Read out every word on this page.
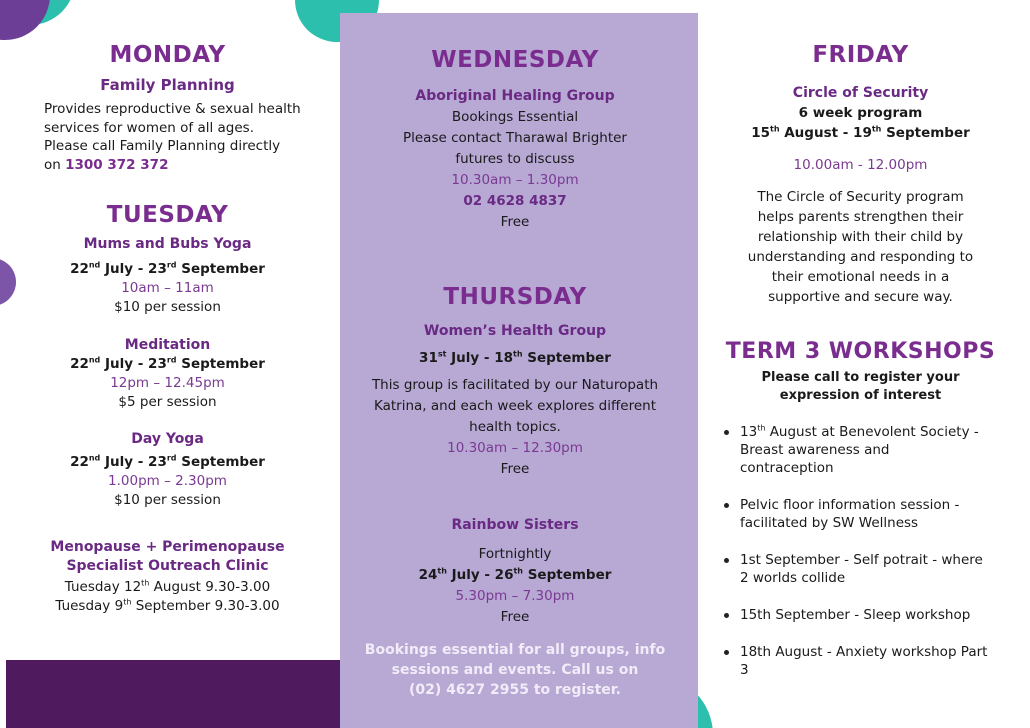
MONDAY
Family Planning
Provides reproductive & sexual health
services for women of all ages.
Please call Family Planning directly
on 1300 372 372
TUESDAY
Mums and Bubs Yoga
22nd July - 23rd September
10am – 11am
$10 per session
Meditation
22nd July - 23rd September
12pm – 12.45pm
$5 per session
Day Yoga
22nd July - 23rd September
1.00pm – 2.30pm
$10 per session
Menopause + Perimenopause
Specialist Outreach Clinic
Tuesday 12th August 9.30-3.00
Tuesday 9th September 9.30-3.00
WEDNESDAY
Aboriginal Healing Group
Bookings Essential
Please contact Tharawal Brighter
futures to discuss
10.30am – 1.30pm
02 4628 4837
Free
THURSDAY
Women’s Health Group
31st July - 18th September
This group is facilitated by our Naturopath
Katrina, and each week explores different
health topics.
10.30am – 12.30pm
Free
Rainbow Sisters
Fortnightly
24th July - 26th September
5.30pm – 7.30pm
Free
Bookings essential for all groups, info
sessions and events. Call us on
(02) 4627 2955 to register.
FRIDAY
Circle of Security
6 week program
15th August - 19th September
10.00am - 12.00pm
The Circle of Security program
helps parents strengthen their
relationship with their child by
understanding and responding to
their emotional needs in a
supportive and secure way.
TERM 3 WORKSHOPS
Please call to register your
expression of interest
13th August at Benevolent Society -
Breast awareness and
contraception
Pelvic floor information session -
facilitated by SW Wellness
1st September - Self potrait - where
2 worlds collide
15th September - Sleep workshop
18th August - Anxiety workshop Part
3
